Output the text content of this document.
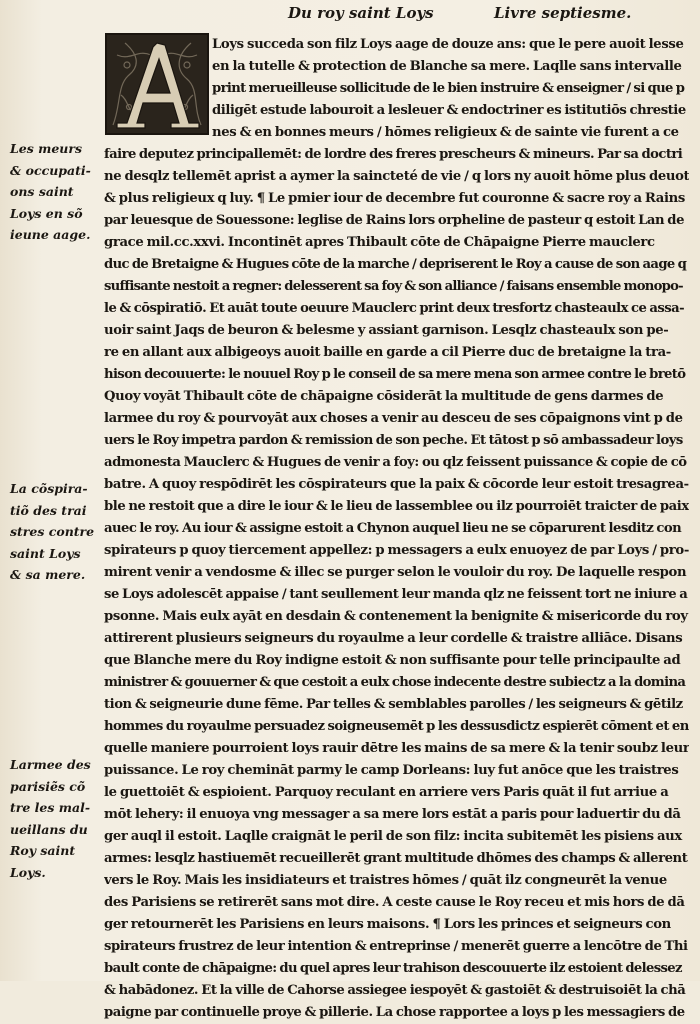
Du roy saint Loys	Livre septiesme.
Les meurs
& occupati-
ons saint
Loys en sõ
ieune aage.
La cõspira-
tiõ des trai
stres contre
saint Loys
& sa mere.
Larmee des
parisiẽs cõ
tre les mal-
ueillans du
Roy saint
Loys.
Loys succeda son filz Loys aage de douze ans: que le pere auoit lesse
en la tutelle & protection de Blanche sa mere. Laqlle sans intervalle
print merueilleuse sollicitude de le bien instruire & enseigner / si que p
diligēt estude labouroit a lesleuer & endoctriner es istitutiōs chrestie
nes & en bonnes meurs / hōmes religieux & de sainte vie furent a ce
faire deputez principallemēt: de lordre des freres prescheurs & mineurs. Par sa doctri
ne desqlz tellemēt aprist a aymer la saincteté de vie / q lors ny auoit hōme plus deuot
& plus religieux q luy. ¶ Le pmier iour de decembre fut couronne & sacre roy a Rains
par leuesque de Souessone: leglise de Rains lors orpheline de pasteur q estoit Lan de
grace mil.cc.xxvi. Incontinēt apres Thibault cōte de Chāpaigne Pierre mauclerc
duc de Bretaigne & Hugues cōte de la marche / depriserent le Roy a cause de son aage q
suffisante nestoit a regner: delesserent sa foy & son alliance / faisans ensemble monopo-
le & cōspiratiō. Et auāt toute oeuure Mauclerc print deux tresfortz chasteaulx ce assa-
uoir saint Jaqs de beuron & belesme y assiant garnison. Lesqlz chasteaulx son pe-
re en allant aux albigeoys auoit baille en garde a cil Pierre duc de bretaigne la tra-
hison decouuerte: le nouuel Roy p le conseil de sa mere mena son armee contre le bretō
Quoy voyāt Thibault cōte de chāpaigne cōsiderāt la multitude de gens darmes de
larmee du roy & pourvoyāt aux choses a venir au desceu de ses cōpaignons vint p de
uers le Roy impetra pardon & remission de son peche. Et tātost p sō ambassadeur loys
admonesta Mauclerc & Hugues de venir a foy: ou qlz feissent puissance & copie de cō
batre. A quoy respōdirēt les cōspirateurs que la paix & cōcorde leur estoit tresagrea-
ble ne restoit que a dire le iour & le lieu de lassemblee ou ilz pourroiēt traicter de paix
auec le roy. Au iour & assigne estoit a Chynon auquel lieu ne se cōparurent lesditz con
spirateurs p quoy tiercement appellez: p messagers a eulx enuoyez de par Loys / pro-
mirent venir a vendosme & illec se purger selon le vouloir du roy. De laquelle respon
se Loys adolescēt appaise / tant seullement leur manda qlz ne feissent tort ne iniure a
psonne. Mais eulx ayāt en desdain & contenement la benignite & misericorde du roy
attirerent plusieurs seigneurs du royaulme a leur cordelle & traistre alliāce. Disans
que Blanche mere du Roy indigne estoit & non suffisante pour telle principaulte ad
ministrer & gouuerner & que cestoit a eulx chose indecente destre subiectz a la domina
tion & seigneurie dune fēme. Par telles & semblables parolles / les seigneurs & gētilz
hommes du royaulme persuadez soigneusemēt p les dessusdictz espierēt cōment et en
quelle maniere pourroient loys rauir dētre les mains de sa mere & la tenir soubz leur
puissance. Le roy chemināt parmy le camp Dorleans: luy fut anōce que les traistres
le guettoiēt & espioient. Parquoy reculant en arriere vers Paris quāt il fut arriue a
mōt lehery: il enuoya vng messager a sa mere lors estāt a paris pour laduertir du dā
ger auql il estoit. Laqlle craignāt le peril de son filz: incita subitemēt les pisiens aux
armes: lesqlz hastiuemēt recueillerēt grant multitude dhōmes des champs & allerent
vers le Roy. Mais les insidiateurs et traistres hōmes / quāt ilz congneurēt la venue
des Parisiens se retirerēt sans mot dire. A ceste cause le Roy receu et mis hors de dā
ger retournerēt les Parisiens en leurs maisons. ¶ Lors les princes et seigneurs con
spirateurs frustrez de leur intention & entreprinse / menerēt guerre a lencōtre de Thi
bault conte de chāpaigne: du quel apres leur trahison descouuerte ilz estoient delessez
& habādonez. Et la ville de Cahorse assiegee iespoyēt & gastoiēt & destruisoiēt la chā
paigne par continuelle proye & pillerie. La chose rapportee a loys p les messagiers de
